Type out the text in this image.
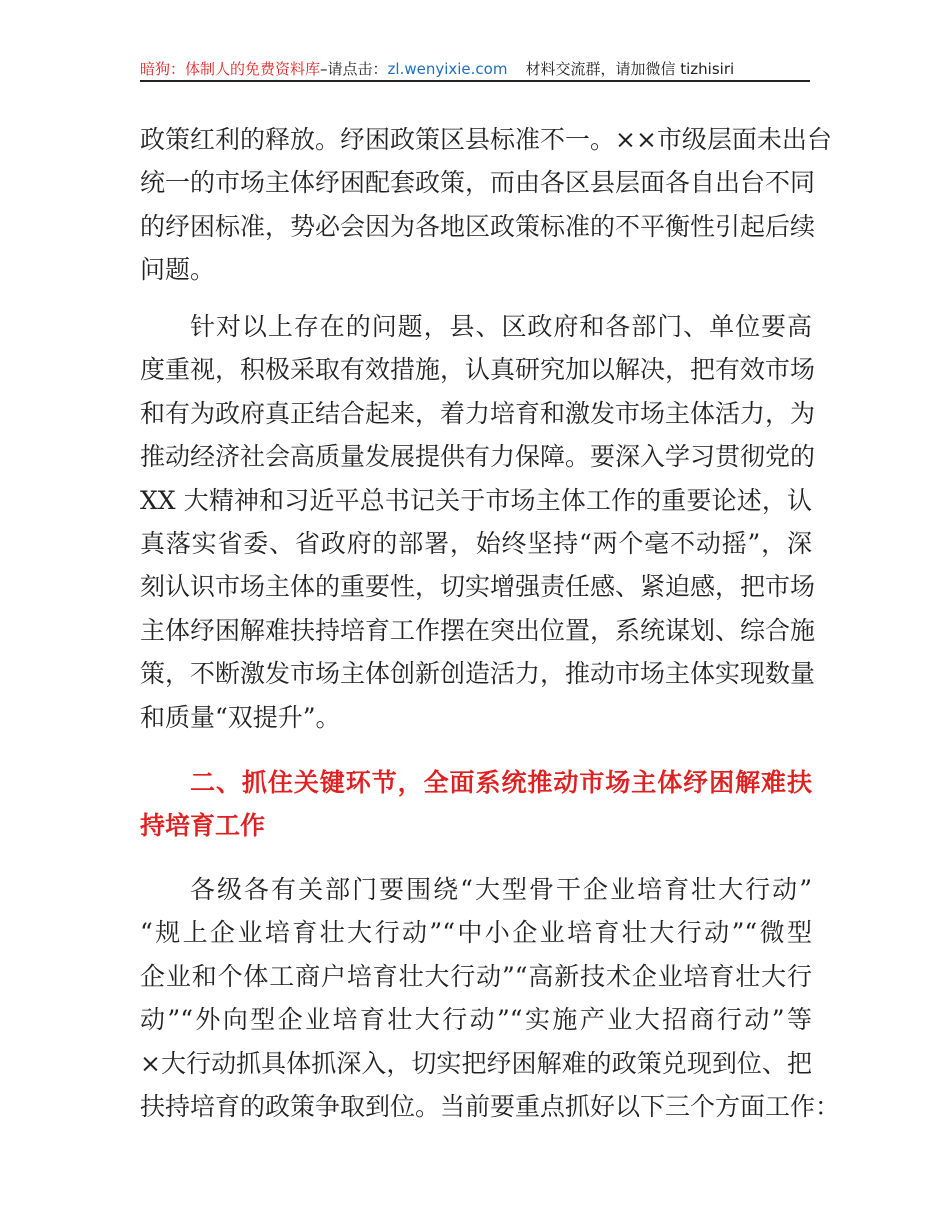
暗狗：体制人的免费资料库–请点击：zl.wenyixie.com 材料交流群，请加微信 tizhisiri
政策红利的释放。纾困政策区县标准不一。××市级层面未出台
统一的市场主体纾困配套政策，而由各区县层面各自出台不同
的纾困标准，势必会因为各地区政策标准的不平衡性引起后续
问题。
针对以上存在的问题，县、区政府和各部门、单位要高
度重视，积极采取有效措施，认真研究加以解决，把有效市场
和有为政府真正结合起来，着力培育和激发市场主体活力，为
推动经济社会高质量发展提供有力保障。要深入学习贯彻党的
XX 大精神和习近平总书记关于市场主体工作的重要论述，认
真落实省委、省政府的部署，始终坚持“两个毫不动摇”，深
刻认识市场主体的重要性，切实增强责任感、紧迫感，把市场
主体纾困解难扶持培育工作摆在突出位置，系统谋划、综合施
策，不断激发市场主体创新创造活力，推动市场主体实现数量
和质量“双提升”。
二、抓住关键环节，全面系统推动市场主体纾困解难扶
持培育工作
各级各有关部门要围绕“大型骨干企业培育壮大行动”
“规上企业培育壮大行动”“中小企业培育壮大行动”“微型
企业和个体工商户培育壮大行动”“高新技术企业培育壮大行
动”“外向型企业培育壮大行动”“实施产业大招商行动”等
×大行动抓具体抓深入，切实把纾困解难的政策兑现到位、把
扶持培育的政策争取到位。当前要重点抓好以下三个方面工作：
